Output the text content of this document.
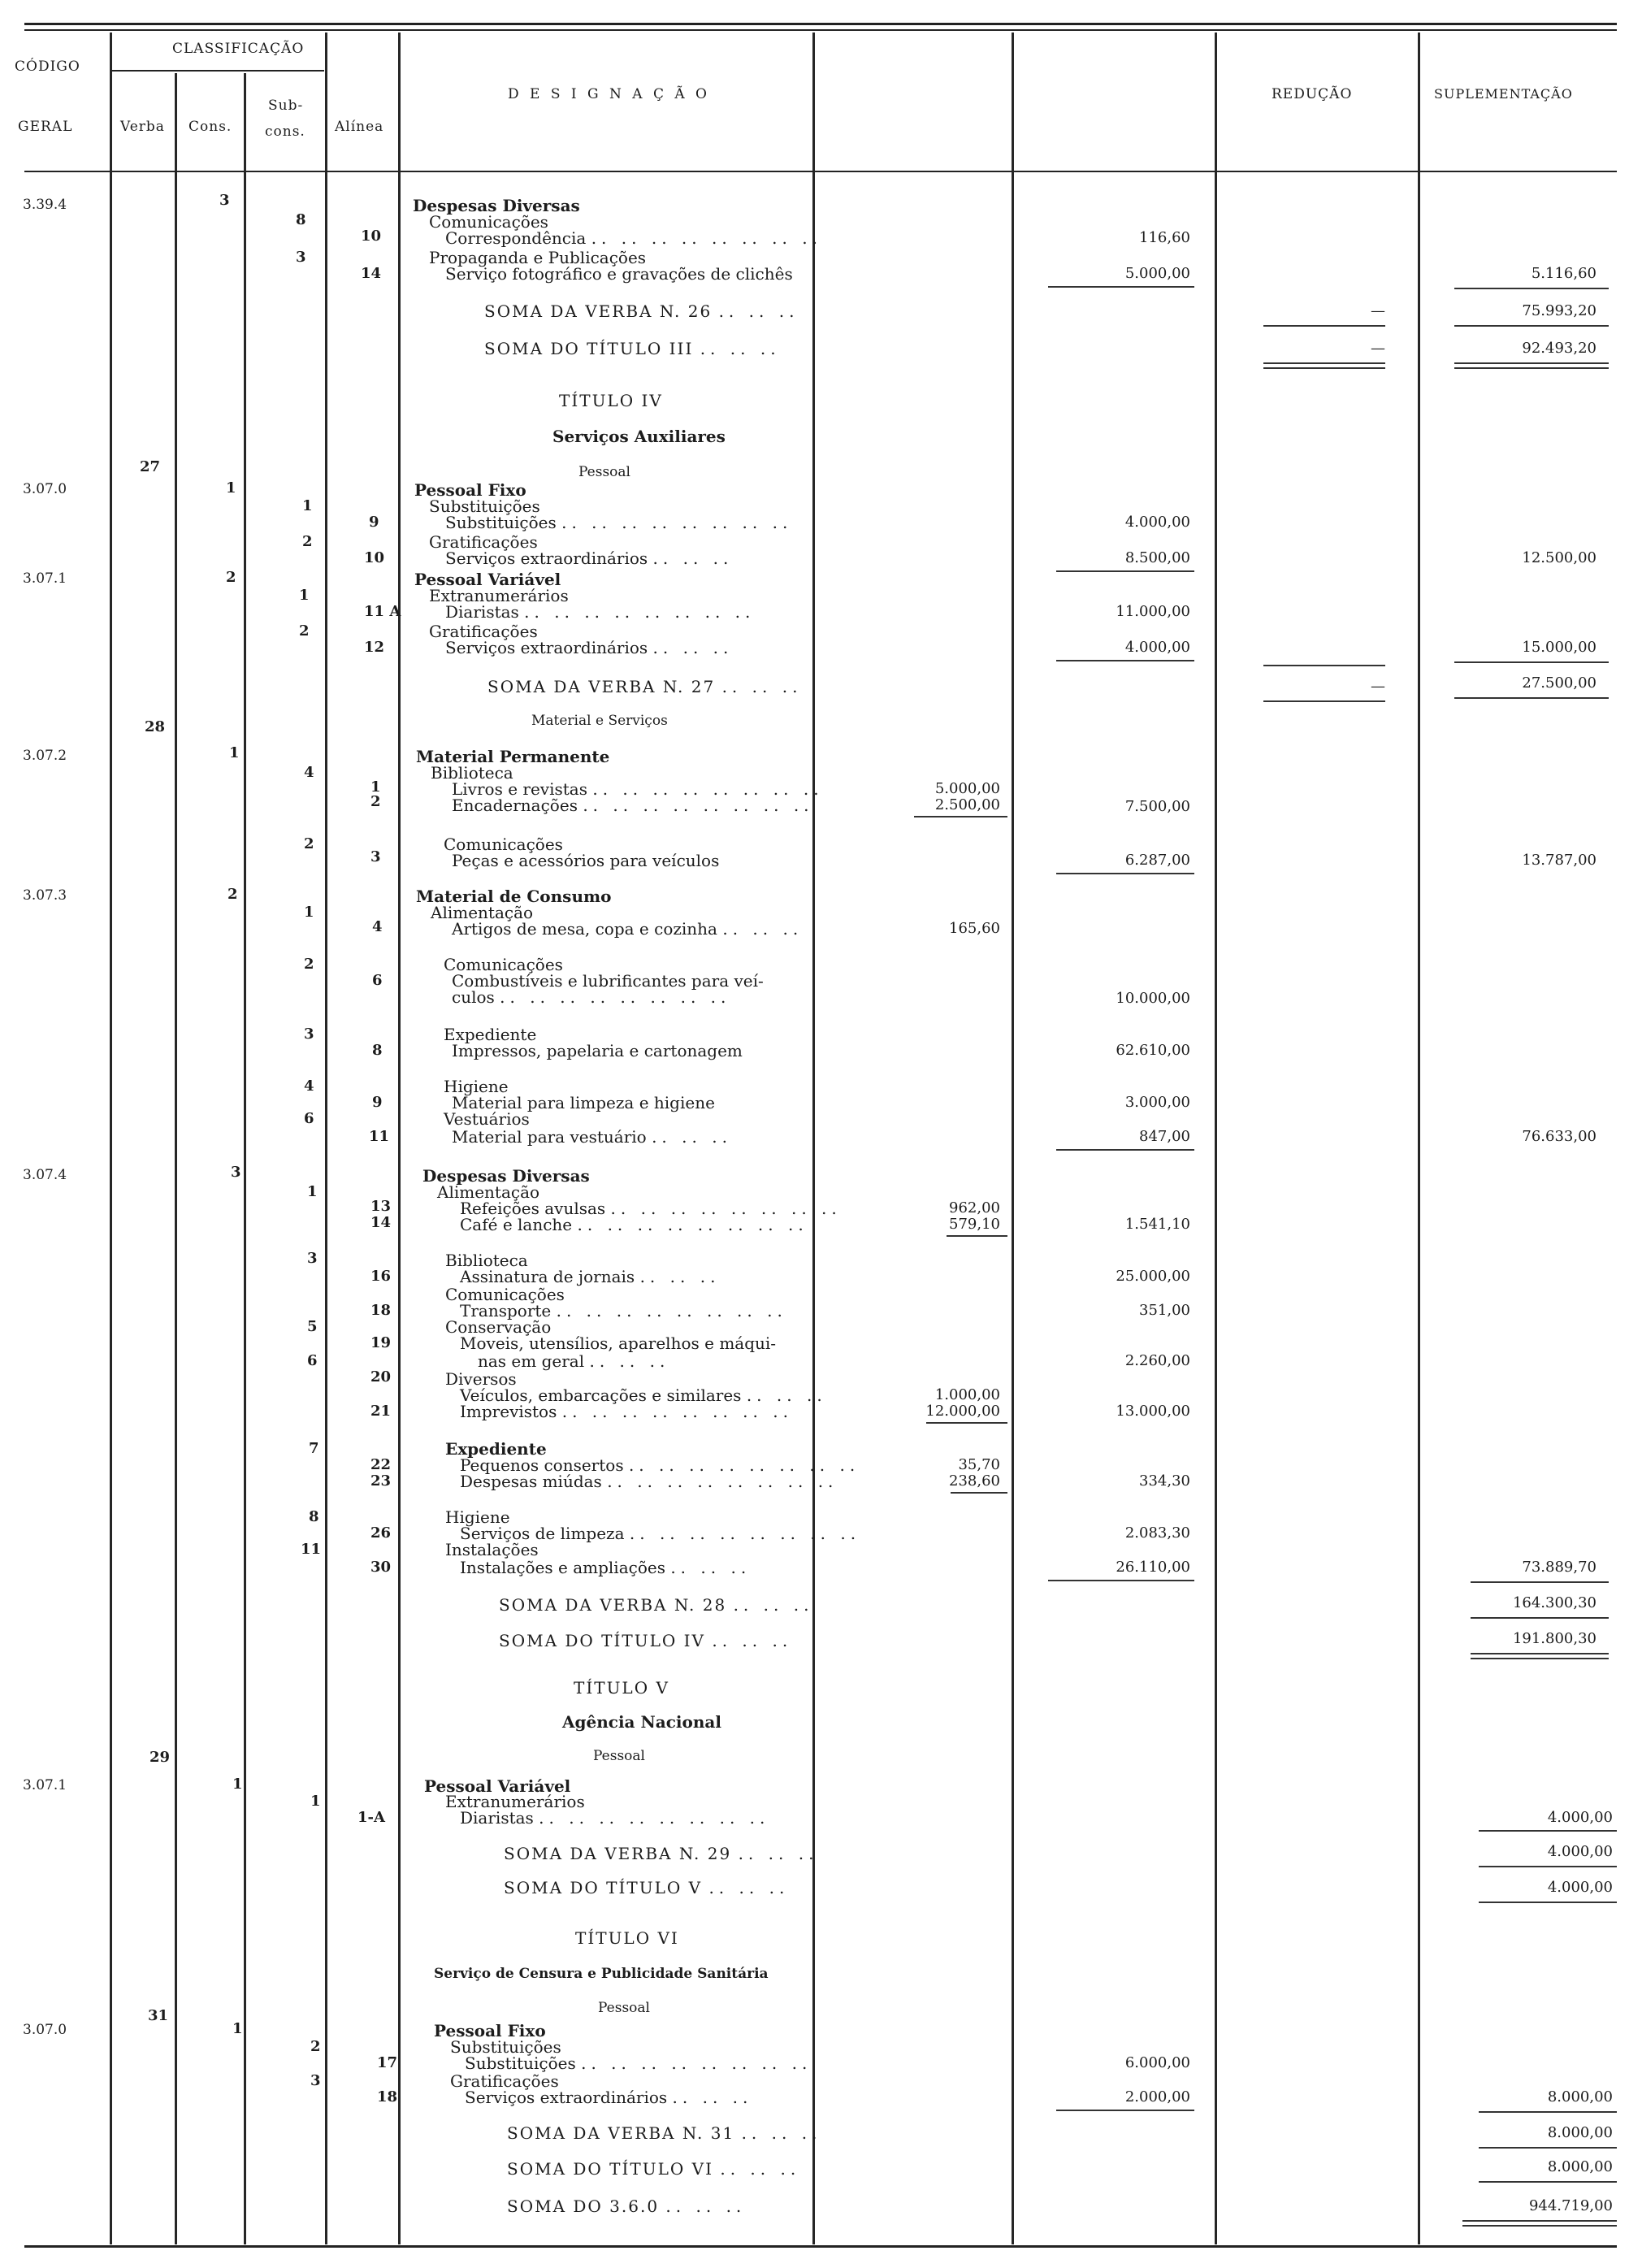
CÓDIGO
GERAL
CLASSIFICAÇÃO
Verba Cons.
Sub-
cons. Alínea
D E S I G N A Ç Ã O	REDUÇÃO	SUPLEMENTAÇÃO
3.39.4
3.07.0
3.07.1
3.07.2
3.07.3
3.07.4
3.07.1
3.07.0
27
28
29
31
3
1
2
1
2
3
1
1
8
3
1
2
1
2
4
2
1
2
3
4
6
1
3
5
6
7
8
11
1
2
3
10
14
9
10
11 A
12
1
2
3
4
6
8
9
11
13
14
16
18
19
20
21
22
23
26
30
1-A
17
18
Despesas Diversas
Comunicações
Correspondência .. .. .. .. .. .. .. ..
Propaganda e Publicações
Serviço fotográfico e gravações de clichês
SOMA DA VERBA N. 26 .. .. ..
SOMA DO TÍTULO III .. .. ..
TÍTULO IV
Serviços Auxiliares
Pessoal
Pessoal Fixo
Substituições
Substituições .. .. .. .. .. .. .. ..
Gratificações
Serviços extraordinários .. .. ..
Pessoal Variável
Extranumerários
Diaristas .. .. .. .. .. .. .. ..
Gratificações
Serviços extraordinários .. .. ..
SOMA DA VERBA N. 27 .. .. ..
Material e Serviços
Material Permanente
Biblioteca
Livros e revistas .. .. .. .. .. .. .. ..
Encadernações .. .. .. .. .. .. .. ..
Comunicações
Peças e acessórios para veículos
Material de Consumo
Alimentação
Artigos de mesa, copa e cozinha .. .. ..
Comunicações
Combustíveis e lubrificantes para veí-
culos .. .. .. .. .. .. .. ..
Expediente
Impressos, papelaria e cartonagem
Higiene
Material para limpeza e higiene
Vestuários
Material para vestuário .. .. ..
Despesas Diversas
Alimentação
Refeições avulsas .. .. .. .. .. .. .. ..
Café e lanche .. .. .. .. .. .. .. ..
Biblioteca
Assinatura de jornais .. .. ..
Comunicações
Transporte .. .. .. .. .. .. .. ..
Conservação
Moveis, utensílios, aparelhos e máqui-
nas em geral .. .. ..
Diversos
Veículos, embarcações e similares .. .. ..
Imprevistos .. .. .. .. .. .. .. ..
Expediente
Pequenos consertos .. .. .. .. .. .. .. ..
Despesas miúdas .. .. .. .. .. .. .. ..
Higiene
Serviços de limpeza .. .. .. .. .. .. .. ..
Instalações
Instalações e ampliações .. .. ..
SOMA DA VERBA N. 28 .. .. ..
SOMA DO TÍTULO IV .. .. ..
TÍTULO V
Agência Nacional
Pessoal
Pessoal Variável
Extranumerários
Diaristas .. .. .. .. .. .. .. ..
SOMA DA VERBA N. 29 .. .. ..
SOMA DO TÍTULO V .. .. ..
TÍTULO VI
Serviço de Censura e Publicidade Sanitária
Pessoal
Pessoal Fixo
Substituições
Substituições .. .. .. .. .. .. .. ..
Gratificações
Serviços extraordinários .. .. ..
SOMA DA VERBA N. 31 .. .. ..
SOMA DO TÍTULO VI .. .. ..
SOMA DO 3.6.0 .. .. ..
5.000,00
2.500,00
165,60
962,00
579,10
1.000,00
12.000,00
35,70
238,60
116,60
5.000,00
4.000,00
8.500,00
11.000,00
4.000,00
7.500,00
6.287,00
10.000,00
62.610,00
3.000,00
847,00
1.541,10
25.000,00
351,00
2.260,00
13.000,00
334,30
2.083,30
26.110,00
6.000,00
2.000,00
—
—
—
5.116,60
75.993,20
92.493,20
12.500,00
15.000,00
27.500,00
13.787,00
76.633,00
73.889,70
164.300,30
191.800,30
4.000,00
4.000,00
4.000,00
8.000,00
8.000,00
8.000,00
944.719,00
